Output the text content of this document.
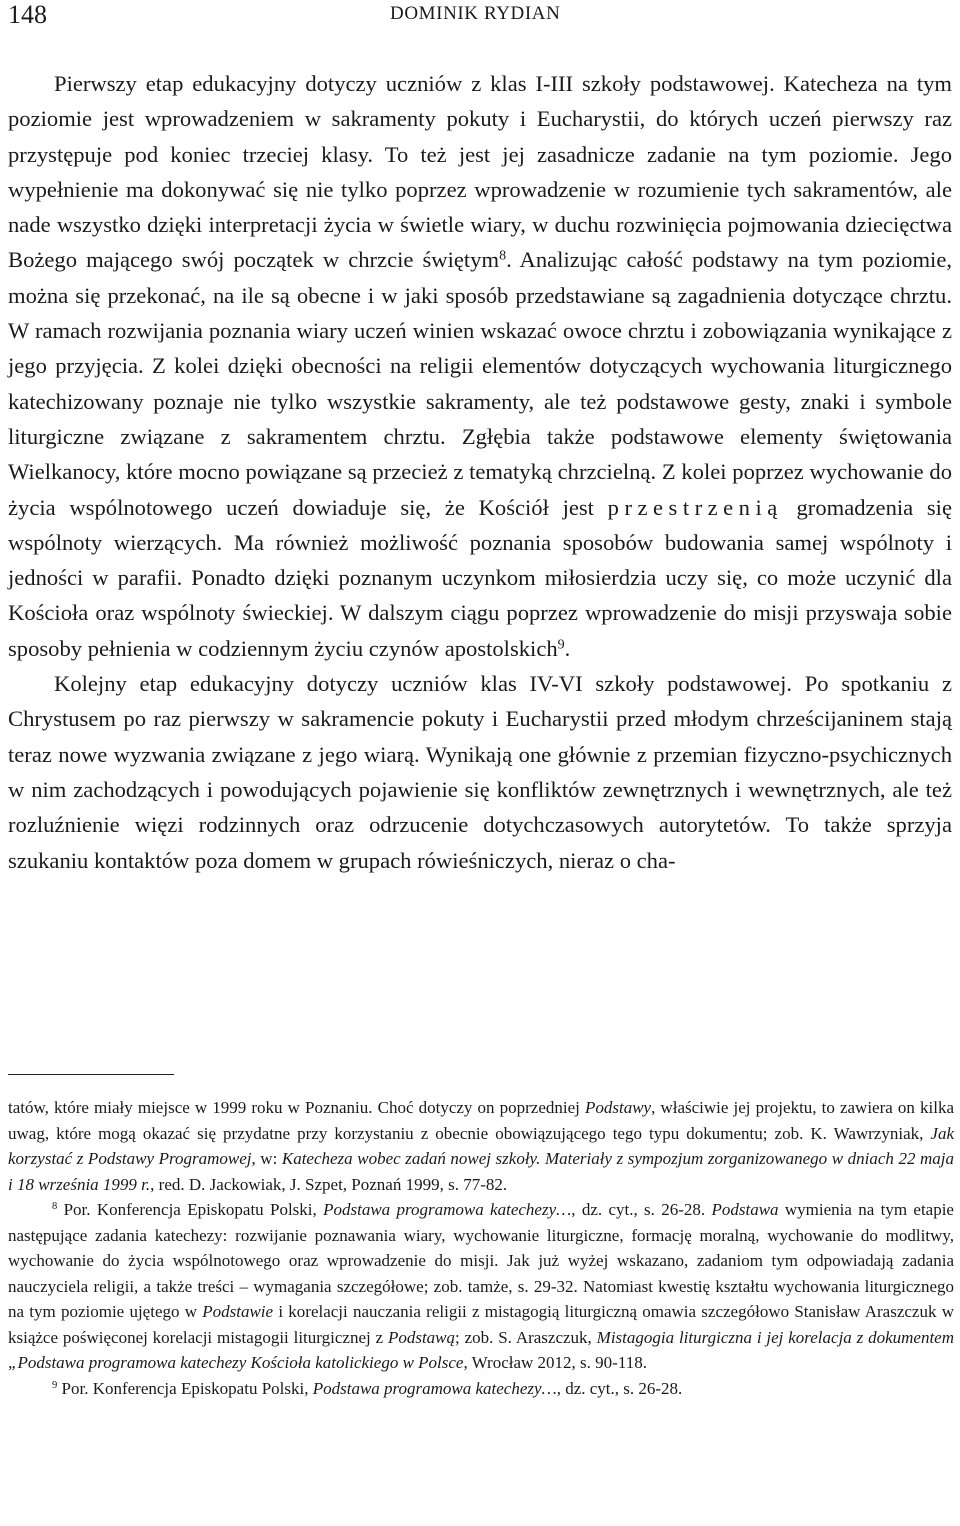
148	DOMINIK RYDIAN

Pierwszy etap edukacyjny dotyczy uczniów z klas I-III szkoły podstawowej. Katecheza na tym poziomie jest wprowadzeniem w sakramenty pokuty i Eucharystii, do których uczeń pierwszy raz przystępuje pod koniec trzeciej klasy. To też jest jej zasadnicze zadanie na tym poziomie. Jego wypełnienie ma dokonywać się nie tylko poprzez wprowadzenie w rozumienie tych sakramentów, ale nade wszystko dzięki interpretacji życia w świetle wiary, w duchu rozwinięcia pojmowania dziecięctwa Bożego mającego swój początek w chrzcie świętym$^8$. Analizując całość podstawy na tym poziomie, można się przekonać, na ile są obecne i w jaki sposób przedstawiane są zagadnienia dotyczące chrztu. W ramach rozwijania poznania wiary uczeń winien wskazać owoce chrztu i zobowiązania wynikające z jego przyjęcia. Z kolei dzięki obecności na religii elementów dotyczących wychowania liturgicznego katechizowany poznaje nie tylko wszystkie sakramenty, ale też podstawowe gesty, znaki i symbole liturgiczne związane z sakramentem chrztu. Zgłębia także podstawowe elementy świętowania Wielkanocy, które mocno powiązane są przecież z tematyką chrzcielną. Z kolei poprzez wychowanie do życia wspólnotowego uczeń dowiaduje się, że Kościół jest przestrzenią gromadzenia się wspólnoty wierzących. Ma również możliwość poznania sposobów budowania samej wspólnoty i jedności w parafii. Ponadto dzięki poznanym uczynkom miłosierdzia uczy się, co może uczynić dla Kościoła oraz wspólnoty świeckiej. W dalszym ciągu poprzez wprowadzenie do misji przyswaja sobie sposoby pełnienia w codziennym życiu czynów apostolskich$^9$.

Kolejny etap edukacyjny dotyczy uczniów klas IV-VI szkoły podstawowej. Po spotkaniu z Chrystusem po raz pierwszy w sakramencie pokuty i Eucharystii przed młodym chrześcijaninem stają teraz nowe wyzwania związane z jego wiarą. Wynikają one głównie z przemian fizyczno-psychicznych w nim zachodzących i powodujących pojawienie się konfliktów zewnętrznych i wewnętrznych, ale też rozluźnienie więzi rodzinnych oraz odrzucenie dotychczasowych autorytetów. To także sprzyja szukaniu kontaktów poza domem w grupach rówieśniczych, nieraz o cha-

tatów, które miały miejsce w 1999 roku w Poznaniu. Choć dotyczy on poprzedniej Podstawy, właściwie jej projektu, to zawiera on kilka uwag, które mogą okazać się przydatne przy korzystaniu z obecnie obowiązującego tego typu dokumentu; zob. K. Wawrzyniak, Jak korzystać z Podstawy Programowej, w: Katecheza wobec zadań nowej szkoły. Materiały z sympozjum zorganizowanego w dniach 22 maja i 18 września 1999 r., red. D. Jackowiak, J. Szpet, Poznań 1999, s. 77-82.

$^8$ Por. Konferencja Episkopatu Polski, Podstawa programowa katechezy…, dz. cyt., s. 26-28. Podstawa wymienia na tym etapie następujące zadania katechezy: rozwijanie poznawania wiary, wychowanie liturgiczne, formację moralną, wychowanie do modlitwy, wychowanie do życia wspólnotowego oraz wprowadzenie do misji. Jak już wyżej wskazano, zadaniom tym odpowiadają zadania nauczyciela religii, a także treści – wymagania szczegółowe; zob. tamże, s. 29-32. Natomiast kwestię kształtu wychowania liturgicznego na tym poziomie ujętego w Podstawie i korelacji nauczania religii z mistagogią liturgiczną omawia szczegółowo Stanisław Araszczuk w książce poświęconej korelacji mistagogii liturgicznej z Podstawą; zob. S. Araszczuk, Mistagogia liturgiczna i jej korelacja z dokumentem „Podstawa programowa katechezy Kościoła katolickiego w Polsce, Wrocław 2012, s. 90-118.

$^9$ Por. Konferencja Episkopatu Polski, Podstawa programowa katechezy…, dz. cyt., s. 26-28.
